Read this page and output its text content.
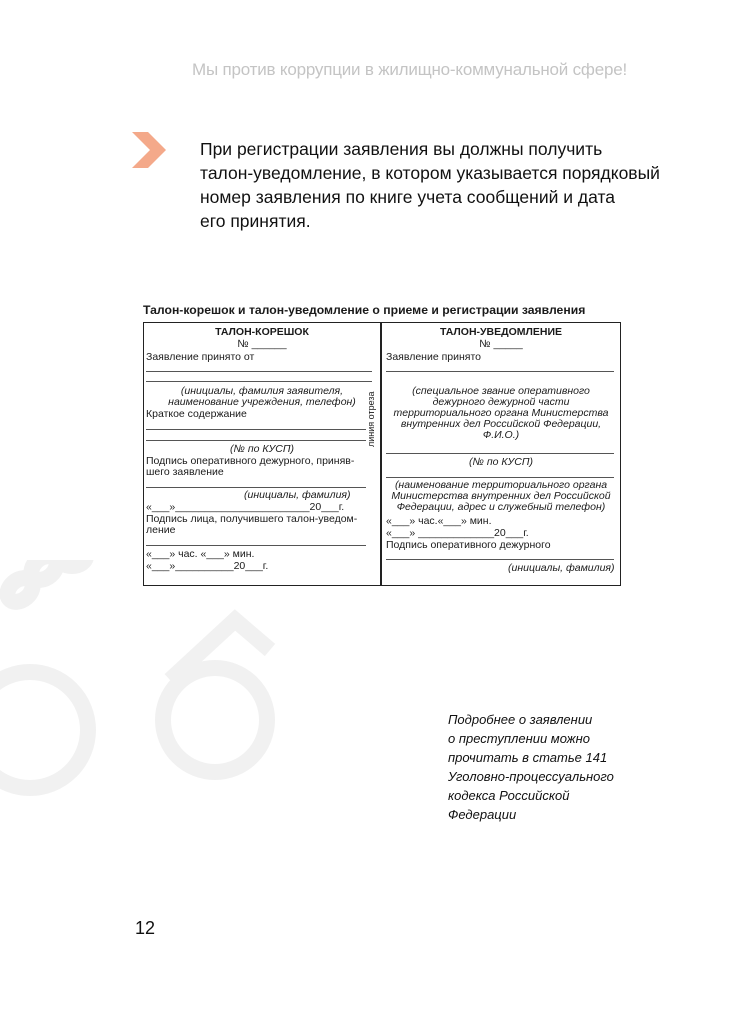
Мы против коррупции в жилищно-коммунальной сфере!
При регистрации заявления вы должны получить
талон-уведомление, в котором указывается порядковый
номер заявления по книге учета сообщений и дата
его принятия.
Талон-корешок и талон-уведомление о приеме и регистрации заявления
линия отреза
ТАЛОН-КОРЕШОК
№ ______
Заявление принято от
(инициалы, фамилия заявителя,
наименование учреждения, телефон)
Краткое содержание
(№ по КУСП)
Подпись оперативного дежурного, приняв-
шего заявление
(инициалы, фамилия)
«___»_______________________20___г.
Подпись лица, получившего талон-уведом-
ление
«___» час. «___» мин.
«___»__________20___г.
ТАЛОН-УВЕДОМЛЕНИЕ
№ _____
Заявление принято
(специальное звание оперативного
дежурного дежурной части
территориального органа Министерства
внутренних дел Российской Федерации,
Ф.И.О.)
(№ по КУСП)
(наименование территориального органа
Министерства внутренних дел Российской
Федерации, адрес и служебный телефон)
«___» час.«___» мин.
«___» _____________20___г.
Подпись оперативного дежурного
(инициалы, фамилия)
Подробнее о заявлении
о преступлении можно
прочитать в статье 141
Уголовно-процессуального
кодекса Российской
Федерации
12
